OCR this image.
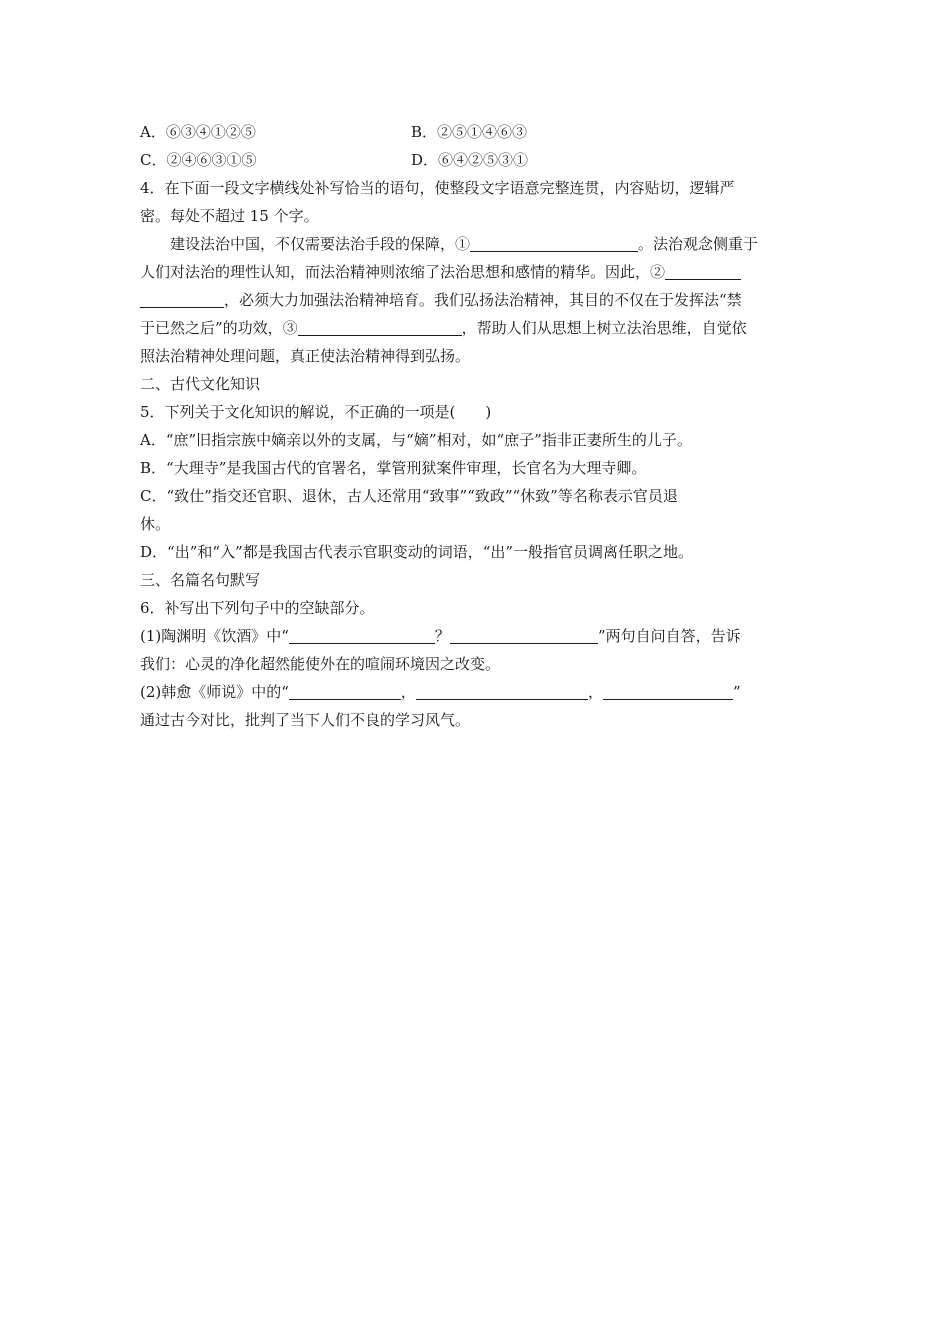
A．⑥③④①②⑤	B．②⑤①④⑥③
C．②④⑥③①⑤	D．⑥④②⑤③①
4．在下面一段文字横线处补写恰当的语句，使整段文字语意完整连贯，内容贴切，逻辑严
密。每处不超过 15 个字。
建设法治中国，不仅需要法治手段的保障，①	。法治观念侧重于
人们对法治的理性认知，而法治精神则浓缩了法治思想和感情的精华。因此，②
，必须大力加强法治精神培育。我们弘扬法治精神，其目的不仅在于发挥法“禁
于已然之后”的功效，③	，帮助人们从思想上树立法治思维，自觉依
照法治精神处理问题，真正使法治精神得到弘扬。
二、古代文化知识
5．下列关于文化知识的解说，不正确的一项是(　　)
A．“庶”旧指宗族中嫡亲以外的支属，与“嫡”相对，如“庶子”指非正妻所生的儿子。
B．“大理寺”是我国古代的官署名，掌管刑狱案件审理，长官名为大理寺卿。
C．“致仕”指交还官职、退休，古人还常用“致事”“致政”“休致”等名称表示官员退
休。
D．“出”和“入”都是我国古代表示官职变动的词语，“出”一般指官员调离任职之地。
三、名篇名句默写
6．补写出下列句子中的空缺部分。
(1)陶渊明《饮酒》中“	？	”两句自问自答，告诉
我们：心灵的净化超然能使外在的喧闹环境因之改变。
(2)韩愈《师说》中的“	，	，	”
通过古今对比，批判了当下人们不良的学习风气。
